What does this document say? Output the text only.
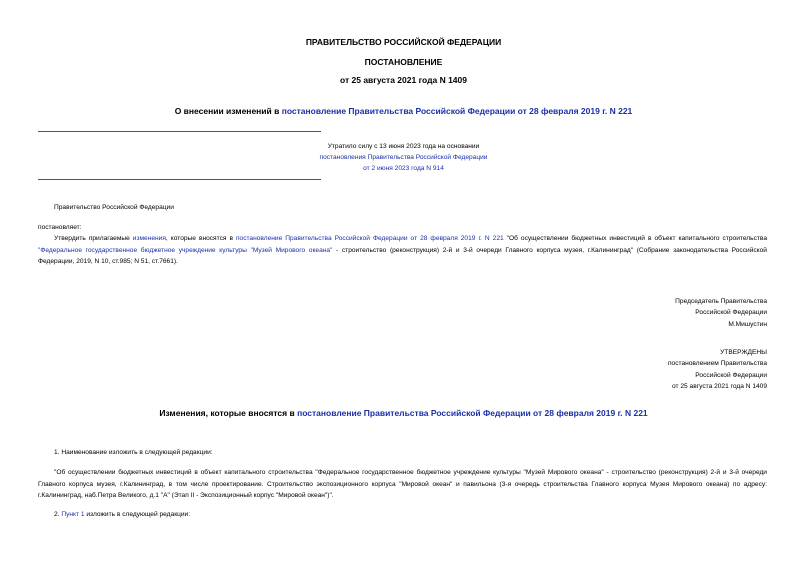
ПРАВИТЕЛЬСТВО РОССИЙСКОЙ ФЕДЕРАЦИИ
ПОСТАНОВЛЕНИЕ
от 25 августа 2021 года N 1409
О внесении изменений в постановление Правительства Российской Федерации от 28 февраля 2019 г. N 221
Утратило силу с 13 июня 2023 года на основании
постановления Правительства Российской Федерации
от 2 июня 2023 года N 914
Правительство Российской Федерации
постановляет:
Утвердить прилагаемые изменения, которые вносятся в постановление Правительства Российской Федерации от 28 февраля 2019 г. N 221 "Об осуществлении бюджетных инвестиций в объект капитального строительства "Федеральное государственное бюджетное учреждение культуры "Музей Мирового океана" - строительство (реконструкция) 2-й и 3-й очереди Главного корпуса музея, г.Калининград" (Собрание законодательства Российской Федерации, 2019, N 10, ст.985; N 51, ст.7661).
Председатель Правительства
Российской Федерации
М.Мишустин
УТВЕРЖДЕНЫ
постановлением Правительства
Российской Федерации
от 25 августа 2021 года N 1409
Изменения, которые вносятся в постановление Правительства Российской Федерации от 28 февраля 2019 г. N 221
1. Наименование изложить в следующей редакции:
"Об осуществлении бюджетных инвестиций в объект капитального строительства "Федеральное государственное бюджетное учреждение культуры "Музей Мирового океана" - строительство (реконструкция) 2-й и 3-й очереди Главного корпуса музея, г.Калининград, в том числе проектирование. Строительство экспозиционного корпуса "Мировой океан" и павильона (3-я очередь строительства Главного корпуса Музея Мирового океана) по адресу: г.Калининград, наб.Петра Великого, д.1 "А" (Этап II - Экспозиционный корпус "Мировой океан")".
2. Пункт 1 изложить в следующей редакции:
